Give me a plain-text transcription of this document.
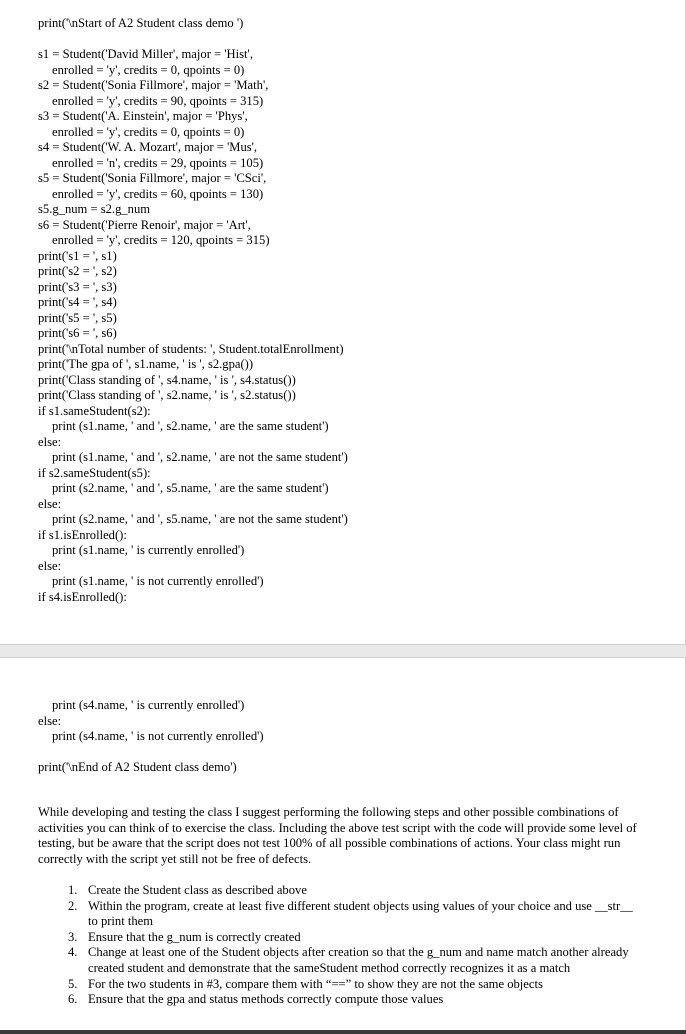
print('\nStart of A2 Student class demo ')
s1 = Student('David Miller', major = 'Hist',
enrolled = 'y', credits = 0, qpoints = 0)
s2 = Student('Sonia Fillmore', major = 'Math',
enrolled = 'y', credits = 90, qpoints = 315)
s3 = Student('A. Einstein', major = 'Phys',
enrolled = 'y', credits = 0, qpoints = 0)
s4 = Student('W. A. Mozart', major = 'Mus',
enrolled = 'n', credits = 29, qpoints = 105)
s5 = Student('Sonia Fillmore', major = 'CSci',
enrolled = 'y', credits = 60, qpoints = 130)
s5.g_num = s2.g_num
s6 = Student('Pierre Renoir', major = 'Art',
enrolled = 'y', credits = 120, qpoints = 315)
print('s1 = ', s1)
print('s2 = ', s2)
print('s3 = ', s3)
print('s4 = ', s4)
print('s5 = ', s5)
print('s6 = ', s6)
print('\nTotal number of students: ', Student.totalEnrollment)
print('The gpa of ', s1.name, ' is ', s2.gpa())
print('Class standing of ', s4.name, ' is ', s4.status())
print('Class standing of ', s2.name, ' is ', s2.status())
if s1.sameStudent(s2):
print (s1.name, ' and ', s2.name, ' are the same student')
else:
print (s1.name, ' and ', s2.name, ' are not the same student')
if s2.sameStudent(s5):
print (s2.name, ' and ', s5.name, ' are the same student')
else:
print (s2.name, ' and ', s5.name, ' are not the same student')
if s1.isEnrolled():
print (s1.name, ' is currently enrolled')
else:
print (s1.name, ' is not currently enrolled')
if s4.isEnrolled():
print (s4.name, ' is currently enrolled')
else:
print (s4.name, ' is not currently enrolled')
print('\nEnd of A2 Student class demo')
While developing and testing the class I suggest performing the following steps and other possible combinations of activities you can think of to exercise the class. Including the above test script with the code will provide some level of testing, but be aware that the script does not test 100% of all possible combinations of actions. Your class might run correctly with the script yet still not be free of defects.
1. Create the Student class as described above
2. Within the program, create at least five different student objects using values of your choice and use __str__ to print them
3. Ensure that the g_num is correctly created
4. Change at least one of the Student objects after creation so that the g_num and name match another already created student and demonstrate that the sameStudent method correctly recognizes it as a match
5. For the two students in #3, compare them with “==” to show they are not the same objects
6. Ensure that the gpa and status methods correctly compute those values
